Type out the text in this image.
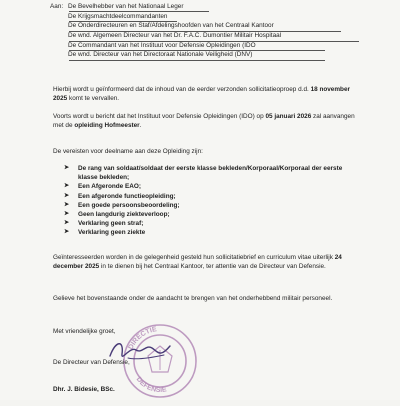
Aan: De Bevelhebber van het Nationaal Leger
De Krijgsmachtdeelcommandanten
De Onderdirecteuren en Staf/Afdelingshoofden van het Centraal Kantoor
De wnd. Algemeen Directeur van het Dr. F.A.C. Dumontier Militair Hospitaal
De Commandant van het Instituut voor Defensie Opleidingen (IDO
De wnd. Directeur van het Directoraat Nationale Veiligheid (DNV)
Hierbij wordt u geïnformeerd dat de inhoud van de eerder verzonden sollicitatieoproep d.d. 18 november 2025 komt te vervallen.
Voorts wordt u bericht dat het Instituut voor Defensie Opleidingen (IDO) op 05 januari 2026 zal aanvangen met de opleiding Hofmeester.
De vereisten voor deelname aan deze Opleiding zijn:
➤ De rang van soldaat/soldaat der eerste klasse bekleden/Korporaal/Korporaal der eerste klasse bekleden;
➤ Een Afgeronde EAO;
➤ Een afgeronde functieopleiding;
➤ Een goede persoonsbeoordeling;
➤ Geen langdurig ziekteverloop;
➤ Verklaring geen straf;
➤ Verklaring geen ziekte
Geïnteresseerden worden in de gelegenheid gesteld hun sollicitatiebrief en curriculum vitae uiterlijk 24 december 2025 in te dienen bij het Centraal Kantoor, ter attentie van de Directeur van Defensie.
Gelieve het bovenstaande onder de aandacht te brengen van het onderhebbend militair personeel.
Met vriendelijke groet,
DIRECTIE
DEFENSIE
De Directeur van Defensie,
Dhr. J. Bidesie, BSc.
